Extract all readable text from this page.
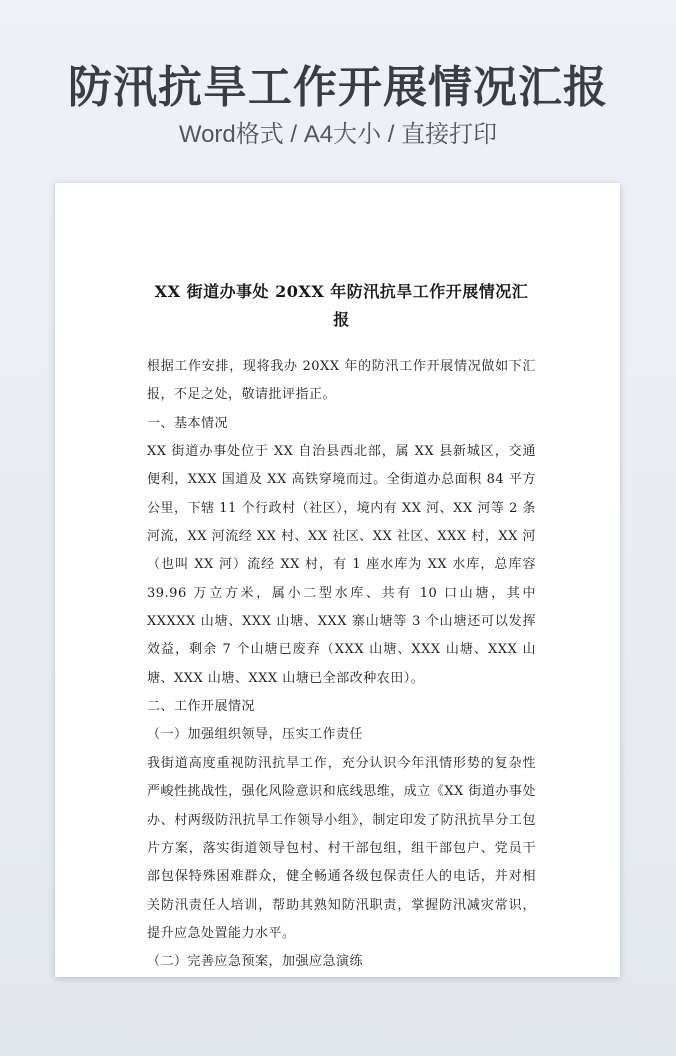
防汛抗旱工作开展情况汇报
Word格式 / A4大小 / 直接打印
XX 街道办事处 20XX 年防汛抗旱工作开展情况汇报

根据工作安排，现将我办 20XX 年的防汛工作开展情况做如下汇报，不足之处，敬请批评指正。

一、基本情况

XX 街道办事处位于 XX 自治县西北部，属 XX 县新城区，交通便利，XXX 国道及 XX 高铁穿境而过。全街道办总面积 84 平方公里，下辖 11 个行政村（社区），境内有 XX 河、XX 河等 2 条河流，XX 河流经 XX 村、XX 社区、XX 社区、XXX 村，XX 河（也叫 XX 河）流经 XX 村，有 1 座水库为 XX 水库，总库容 39.96 万立方米，属小二型水库、共有 10 口山塘，其中 XXXXX 山塘、XXX 山塘、XXX 寨山塘等 3 个山塘还可以发挥效益，剩余 7 个山塘已废弃（XXX 山塘、XXX 山塘、XXX 山塘、XXX 山塘、XXX 山塘已全部改种农田）。

二、工作开展情况

（一）加强组织领导，压实工作责任

我街道高度重视防汛抗旱工作，充分认识今年汛情形势的复杂性严峻性挑战性，强化风险意识和底线思维，成立《XX 街道办事处办、村两级防汛抗旱工作领导小组》，制定印发了防汛抗旱分工包片方案，落实街道领导包村、村干部包组，组干部包户、党员干部包保特殊困难群众，健全畅通各级包保责任人的电话，并对相关防汛责任人培训，帮助其熟知防汛职责，掌握防汛减灾常识，提升应急处置能力水平。

（二）完善应急预案，加强应急演练
